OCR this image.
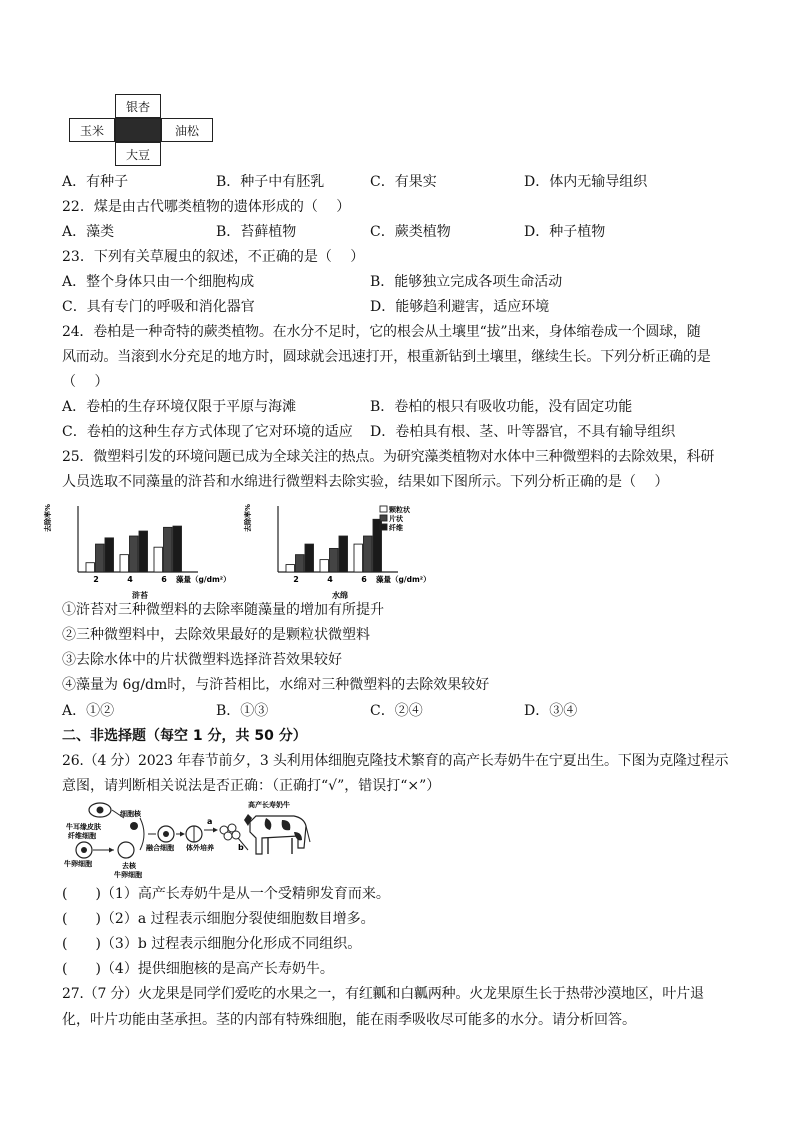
银杏
玉米	油松
大豆
A．有种子	B．种子中有胚乳	C．有果实	D．体内无输导组织
22．煤是由古代哪类植物的遗体形成的（　 ）
A．藻类	B．苔藓植物	C．蕨类植物	D．种子植物
23．下列有关草履虫的叙述，不正确的是（　 ）
A．整个身体只由一个细胞构成	B．能够独立完成各项生命活动
C．具有专门的呼吸和消化器官	D．能够趋利避害，适应环境
24．卷柏是一种奇特的蕨类植物。在水分不足时，它的根会从土壤里“拔”出来，身体缩卷成一个圆球，随
风而动。当滚到水分充足的地方时，圆球就会迅速打开，根重新钻到土壤里，继续生长。下列分析正确的是
（　 ）
A．卷柏的生存环境仅限于平原与海滩	B．卷柏的根只有吸收功能，没有固定功能
C．卷柏的这种生存方式体现了它对环境的适应 D．卷柏具有根、茎、叶等器官，不具有输导组织
25．微塑料引发的环境问题已成为全球关注的热点。为研究藻类植物对水体中三种微塑料的去除效果，科研
人员选取不同藻量的浒苔和水绵进行微塑料去除实验，结果如下图所示。下列分析正确的是（　 ）
去除率%
2	4	6 藻量（g/dm²）
浒苔
去除率%
2	4	6 藻量（g/dm²）
水绵
颗粒状
片状
纤维
①浒苔对三种微塑料的去除率随藻量的增加有所提升
②三种微塑料中，去除效果最好的是颗粒状微塑料
③去除水体中的片状微塑料选择浒苔效果较好
④藻量为 6g/dm时，与浒苔相比，水绵对三种微塑料的去除效果较好
A．①②	B．①③	C．②④	D．③④
二、非选择题（每空 1 分，共 50 分）
26.（4 分）2023 年春节前夕，3 头利用体细胞克隆技术繁育的高产长寿奶牛在宁夏出生。下图为克隆过程示
意图，请判断相关说法是否正确：（正确打“√”，错误打“×”）
牛耳缘皮肤
纤维细胞
细胞核
牛卵细胞	去核
牛卵细胞
融合细胞 体外培养
a
b
高产长寿奶牛
(　　)（1）高产长寿奶牛是从一个受精卵发育而来。
(　　)（2）a 过程表示细胞分裂使细胞数目增多。
(　　)（3）b 过程表示细胞分化形成不同组织。
(　　)（4）提供细胞核的是高产长寿奶牛。
27.（7 分）火龙果是同学们爱吃的水果之一，有红瓤和白瓤两种。火龙果原生长于热带沙漠地区，叶片退
化，叶片功能由茎承担。茎的内部有特殊细胞，能在雨季吸收尽可能多的水分。请分析回答。
